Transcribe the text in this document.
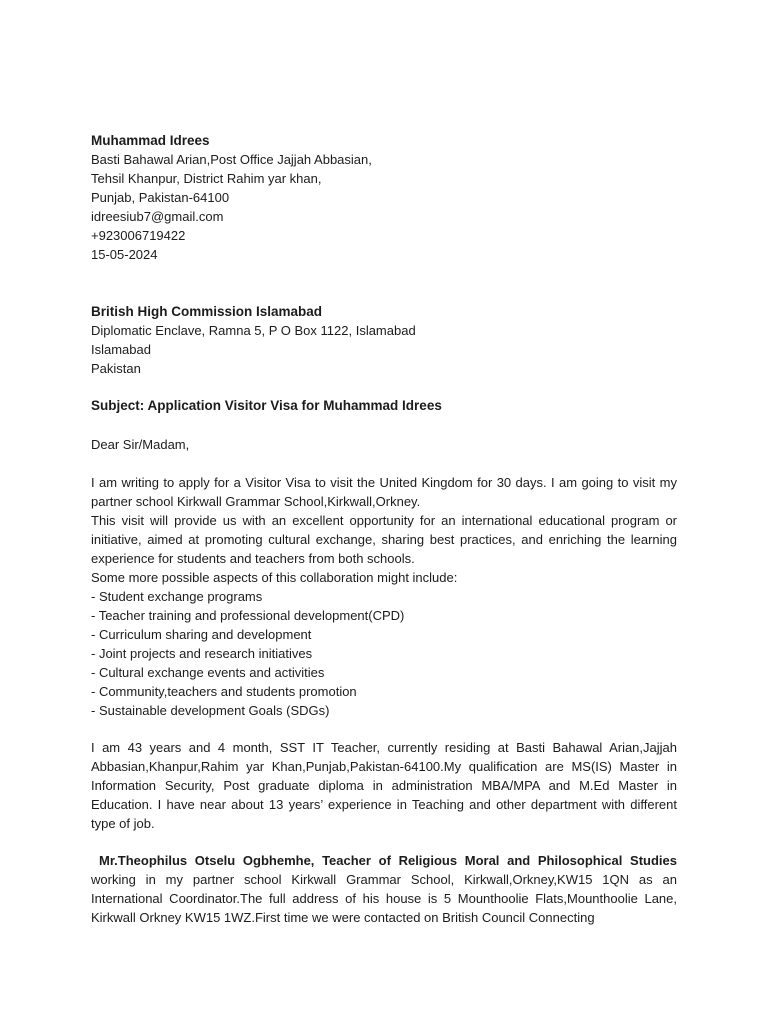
Muhammad Idrees
Basti Bahawal Arian,Post Office Jajjah Abbasian,
Tehsil Khanpur, District Rahim yar khan,
Punjab, Pakistan-64100
idreesiub7@gmail.com
+923006719422
15-05-2024
British High Commission Islamabad
Diplomatic Enclave, Ramna 5, P O Box 1122, Islamabad
Islamabad
Pakistan
Subject: Application Visitor Visa for Muhammad Idrees
Dear Sir/Madam,

I am writing to apply for a Visitor Visa to visit the United Kingdom for 30 days. I am going to visit my partner school Kirkwall Grammar School,Kirkwall,Orkney.

This visit will provide us with an excellent opportunity for an international educational program or initiative, aimed at promoting cultural exchange, sharing best practices, and enriching the learning experience for students and teachers from both schools.

Some more possible aspects of this collaboration might include:

- Student exchange programs
- Teacher training and professional development(CPD)
- Curriculum sharing and development
- Joint projects and research initiatives
- Cultural exchange events and activities
- Community,teachers and students promotion
- Sustainable development Goals (SDGs)

I am 43 years and 4 month, SST IT Teacher, currently residing at Basti Bahawal Arian,Jajjah Abbasian,Khanpur,Rahim yar Khan,Punjab,Pakistan-64100.My qualification are MS(IS) Master in Information Security, Post graduate diploma in administration MBA/MPA and M.Ed Master in Education. I have near about 13 years’ experience in Teaching and other department with different type of job.

Mr.Theophilus Otselu Ogbhemhe, Teacher of Religious Moral and Philosophical Studies working in my partner school Kirkwall Grammar School, Kirkwall,Orkney,KW15 1QN as an International Coordinator.The full address of his house is 5 Mounthoolie Flats,Mounthoolie Lane, Kirkwall Orkney KW15 1WZ.First time we were contacted on British Council Connecting
